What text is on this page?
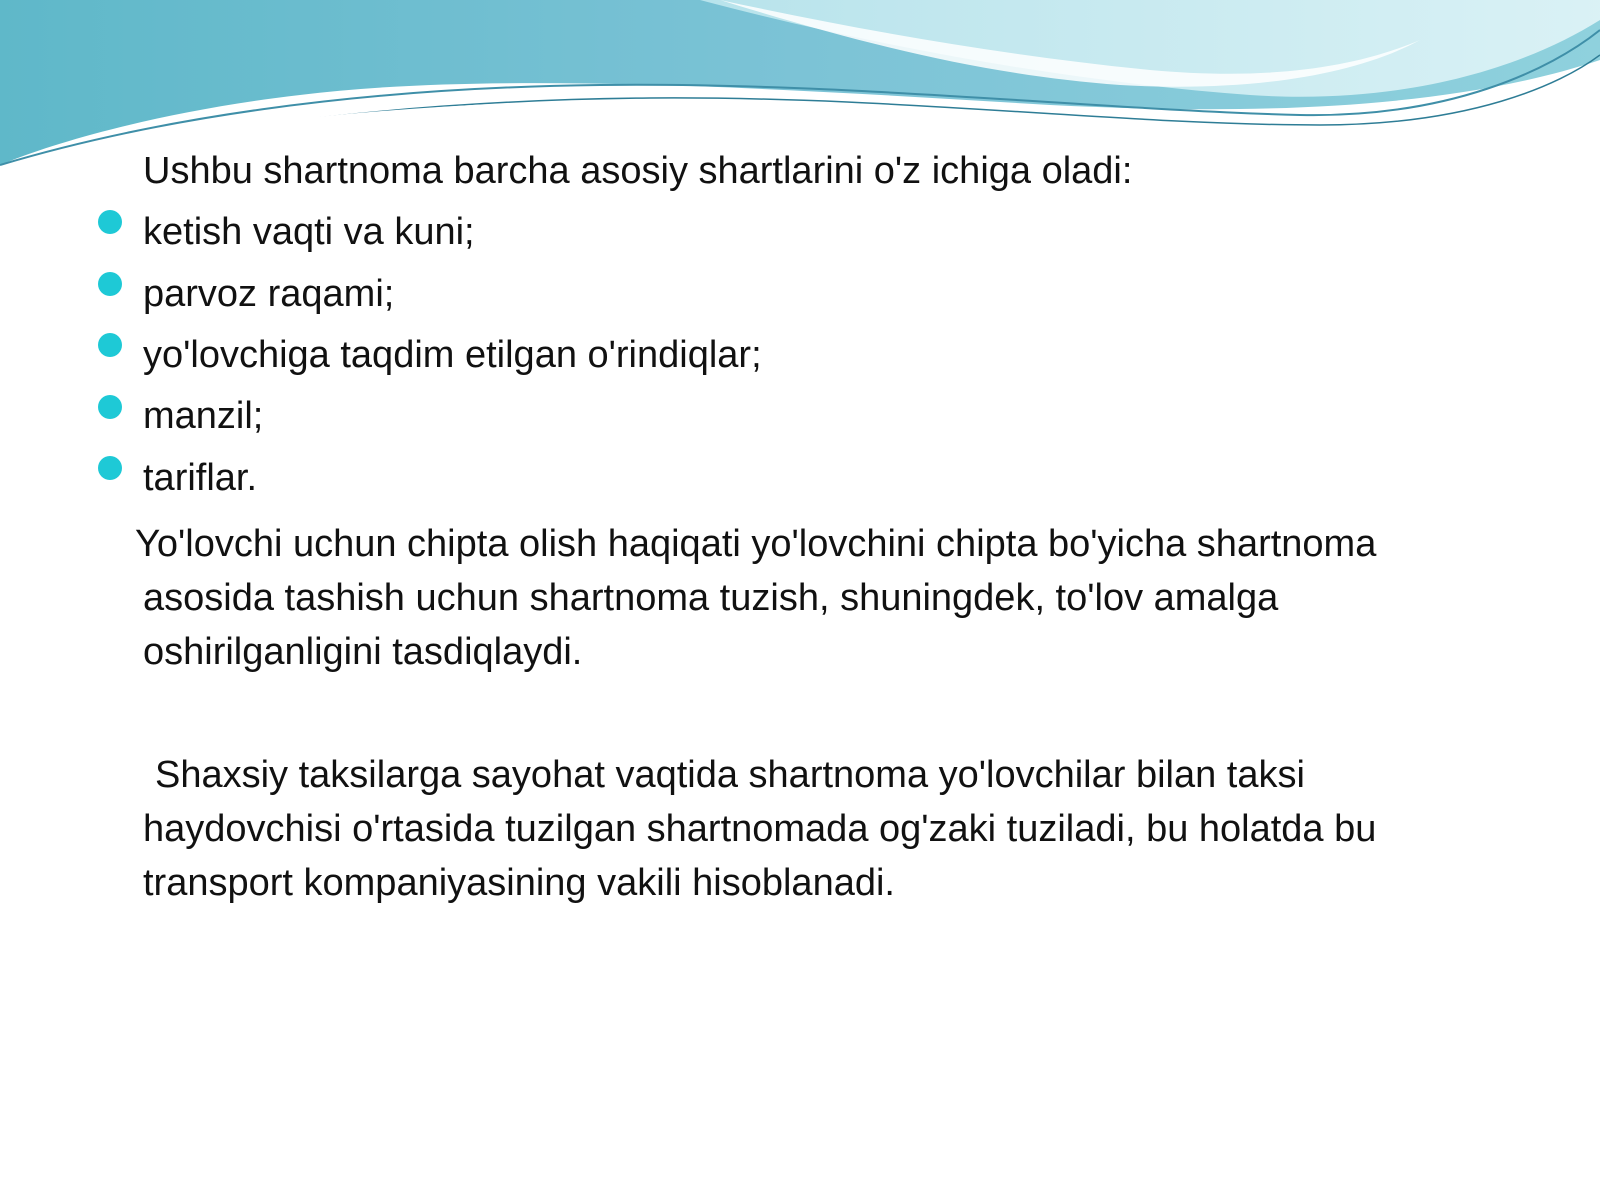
Ushbu shartnoma barcha asosiy shartlarini o'z ichiga oladi:
ketish vaqti va kuni;
parvoz raqami;
yo'lovchiga taqdim etilgan o'rindiqlar;
manzil;
tariflar.
Yo'lovchi uchun chipta olish haqiqati yo'lovchini chipta bo'yicha shartnoma
asosida tashish uchun shartnoma tuzish, shuningdek, to'lov amalga
oshirilganligini tasdiqlaydi.
Shaxsiy taksilarga sayohat vaqtida shartnoma yo'lovchilar bilan taksi
haydovchisi o'rtasida tuzilgan shartnomada og'zaki tuziladi, bu holatda bu
transport kompaniyasining vakili hisoblanadi.
